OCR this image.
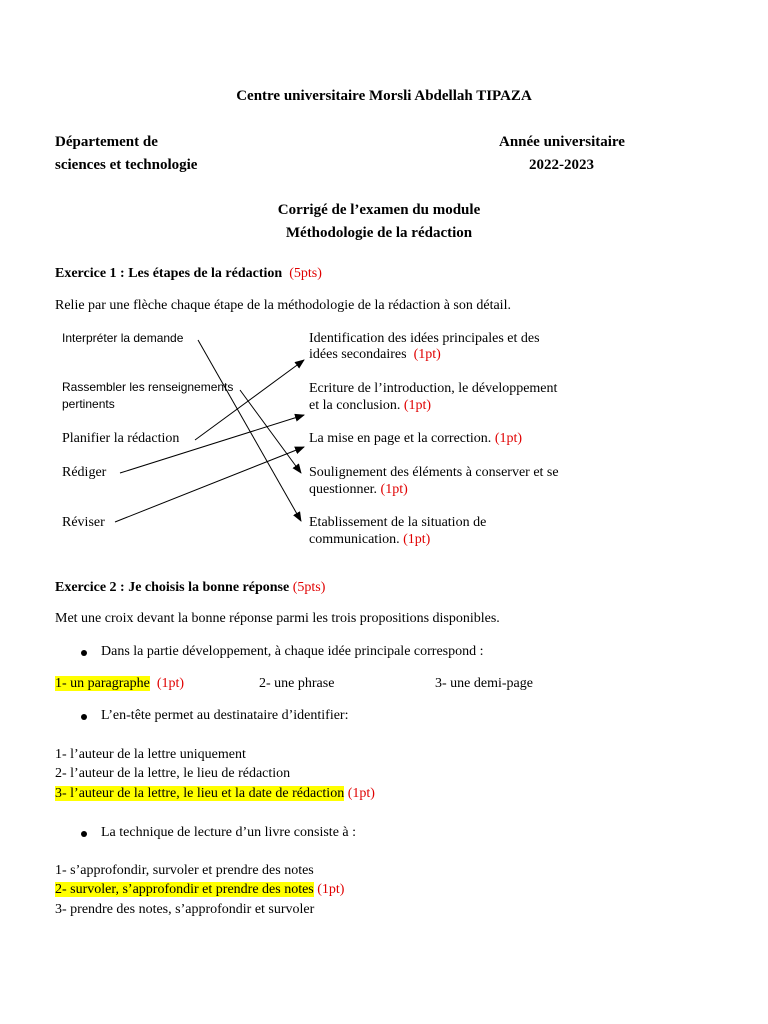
Centre universitaire Morsli Abdellah TIPAZA
Département de
sciences et technologie
Année universitaire
2022-2023
Corrigé de l’examen du module
Méthodologie de la rédaction
Exercice 1 : Les étapes de la rédaction (5pts)
Relie par une flèche chaque étape de la méthodologie de la rédaction à son détail.
Interpréter la demande
Rassembler les renseignements
pertinents
Planifier la rédaction
Rédiger
Réviser
Identification des idées principales et des
idées secondaires (1pt)
Ecriture de l’introduction, le développement
et la conclusion. (1pt)
La mise en page et la correction. (1pt)
Soulignement des éléments à conserver et se
questionner. (1pt)
Etablissement de la situation de
communication. (1pt)
Exercice 2 : Je choisis la bonne réponse (5pts)
Met une croix devant la bonne réponse parmi les trois propositions disponibles.
Dans la partie développement, à chaque idée principale correspond :
1- un paragraphe (1pt)	2- une phrase	3- une demi-page
L’en-tête permet au destinataire d’identifier:
1- l’auteur de la lettre uniquement
2- l’auteur de la lettre, le lieu de rédaction
3- l’auteur de la lettre, le lieu et la date de rédaction (1pt)
La technique de lecture d’un livre consiste à :
1- s’approfondir, survoler et prendre des notes
2- survoler, s’approfondir et prendre des notes (1pt)
3- prendre des notes, s’approfondir et survoler
